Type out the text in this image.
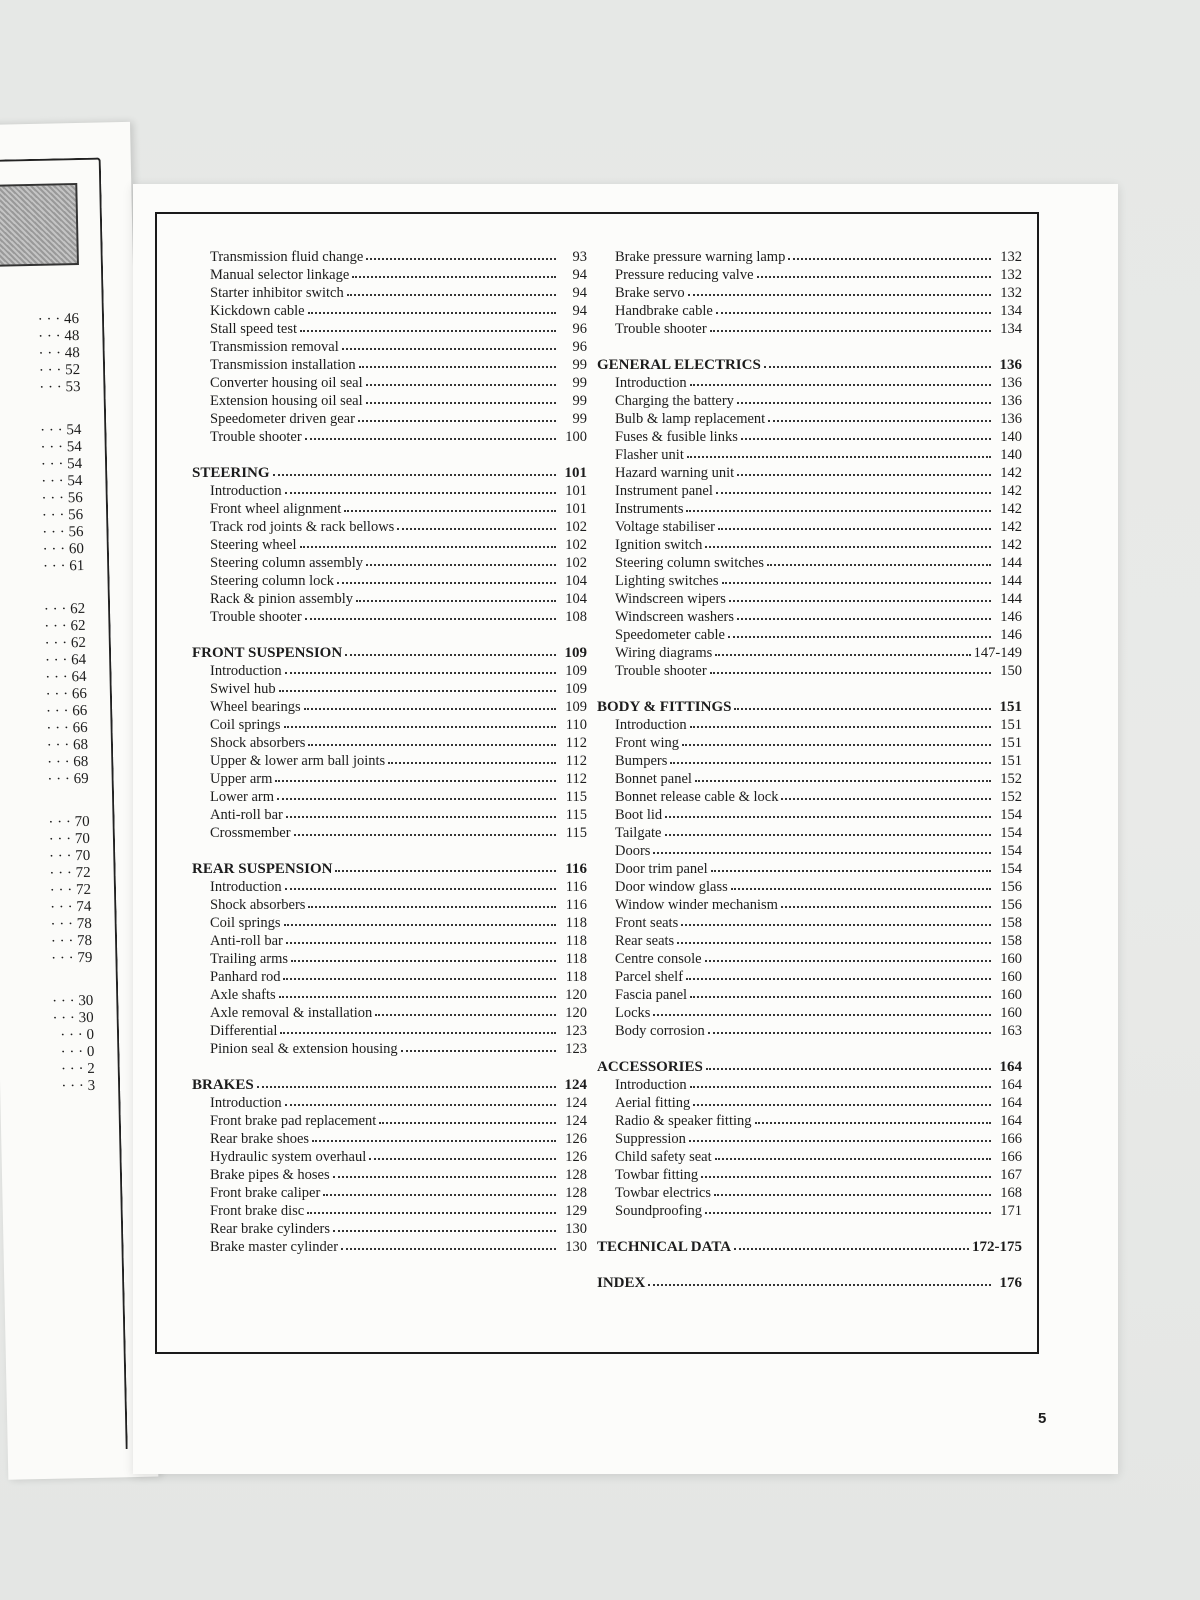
· · · 46
· · · 48
· · · 48
· · · 52
· · · 53
· · · 54
· · · 54
· · · 54
· · · 54
· · · 56
· · · 56
· · · 56
· · · 60
· · · 61
· · · 62
· · · 62
· · · 62
· · · 64
· · · 64
· · · 66
· · · 66
· · · 66
· · · 68
· · · 68
· · · 69
· · · 70
· · · 70
· · · 70
· · · 72
· · · 72
· · · 74
· · · 78
· · · 78
· · · 79
· · · 30
· · · 30
· · · 0
· · · 0
· · · 2
· · · 3
Transmission fluid change	93
Manual selector linkage	94
Starter inhibitor switch	94
Kickdown cable	94
Stall speed test	96
Transmission removal	96
Transmission installation	99
Converter housing oil seal	99
Extension housing oil seal	99
Speedometer driven gear	99
Trouble shooter	100
STEERING	101
Introduction	101
Front wheel alignment	101
Track rod joints & rack bellows	102
Steering wheel	102
Steering column assembly	102
Steering column lock	104
Rack & pinion assembly	104
Trouble shooter	108
FRONT SUSPENSION	109
Introduction	109
Swivel hub	109
Wheel bearings	109
Coil springs	110
Shock absorbers	112
Upper & lower arm ball joints	112
Upper arm	112
Lower arm	115
Anti-roll bar	115
Crossmember	115
REAR SUSPENSION	116
Introduction	116
Shock absorbers	116
Coil springs	118
Anti-roll bar	118
Trailing arms	118
Panhard rod	118
Axle shafts	120
Axle removal & installation	120
Differential	123
Pinion seal & extension housing	123
BRAKES	124
Introduction	124
Front brake pad replacement	124
Rear brake shoes	126
Hydraulic system overhaul	126
Brake pipes & hoses	128
Front brake caliper	128
Front brake disc	129
Rear brake cylinders	130
Brake master cylinder	130
Brake pressure warning lamp	132
Pressure reducing valve	132
Brake servo	132
Handbrake cable	134
Trouble shooter	134
GENERAL ELECTRICS	136
Introduction	136
Charging the battery	136
Bulb & lamp replacement	136
Fuses & fusible links	140
Flasher unit	140
Hazard warning unit	142
Instrument panel	142
Instruments	142
Voltage stabiliser	142
Ignition switch	142
Steering column switches	144
Lighting switches	144
Windscreen wipers	144
Windscreen washers	146
Speedometer cable	146
Wiring diagrams	147-149
Trouble shooter	150
BODY & FITTINGS	151
Introduction	151
Front wing	151
Bumpers	151
Bonnet panel	152
Bonnet release cable & lock	152
Boot lid	154
Tailgate	154
Doors	154
Door trim panel	154
Door window glass	156
Window winder mechanism	156
Front seats	158
Rear seats	158
Centre console	160
Parcel shelf	160
Fascia panel	160
Locks	160
Body corrosion	163
ACCESSORIES	164
Introduction	164
Aerial fitting	164
Radio & speaker fitting	164
Suppression	166
Child safety seat	166
Towbar fitting	167
Towbar electrics	168
Soundproofing	171
TECHNICAL DATA	172-175
INDEX	176
5
